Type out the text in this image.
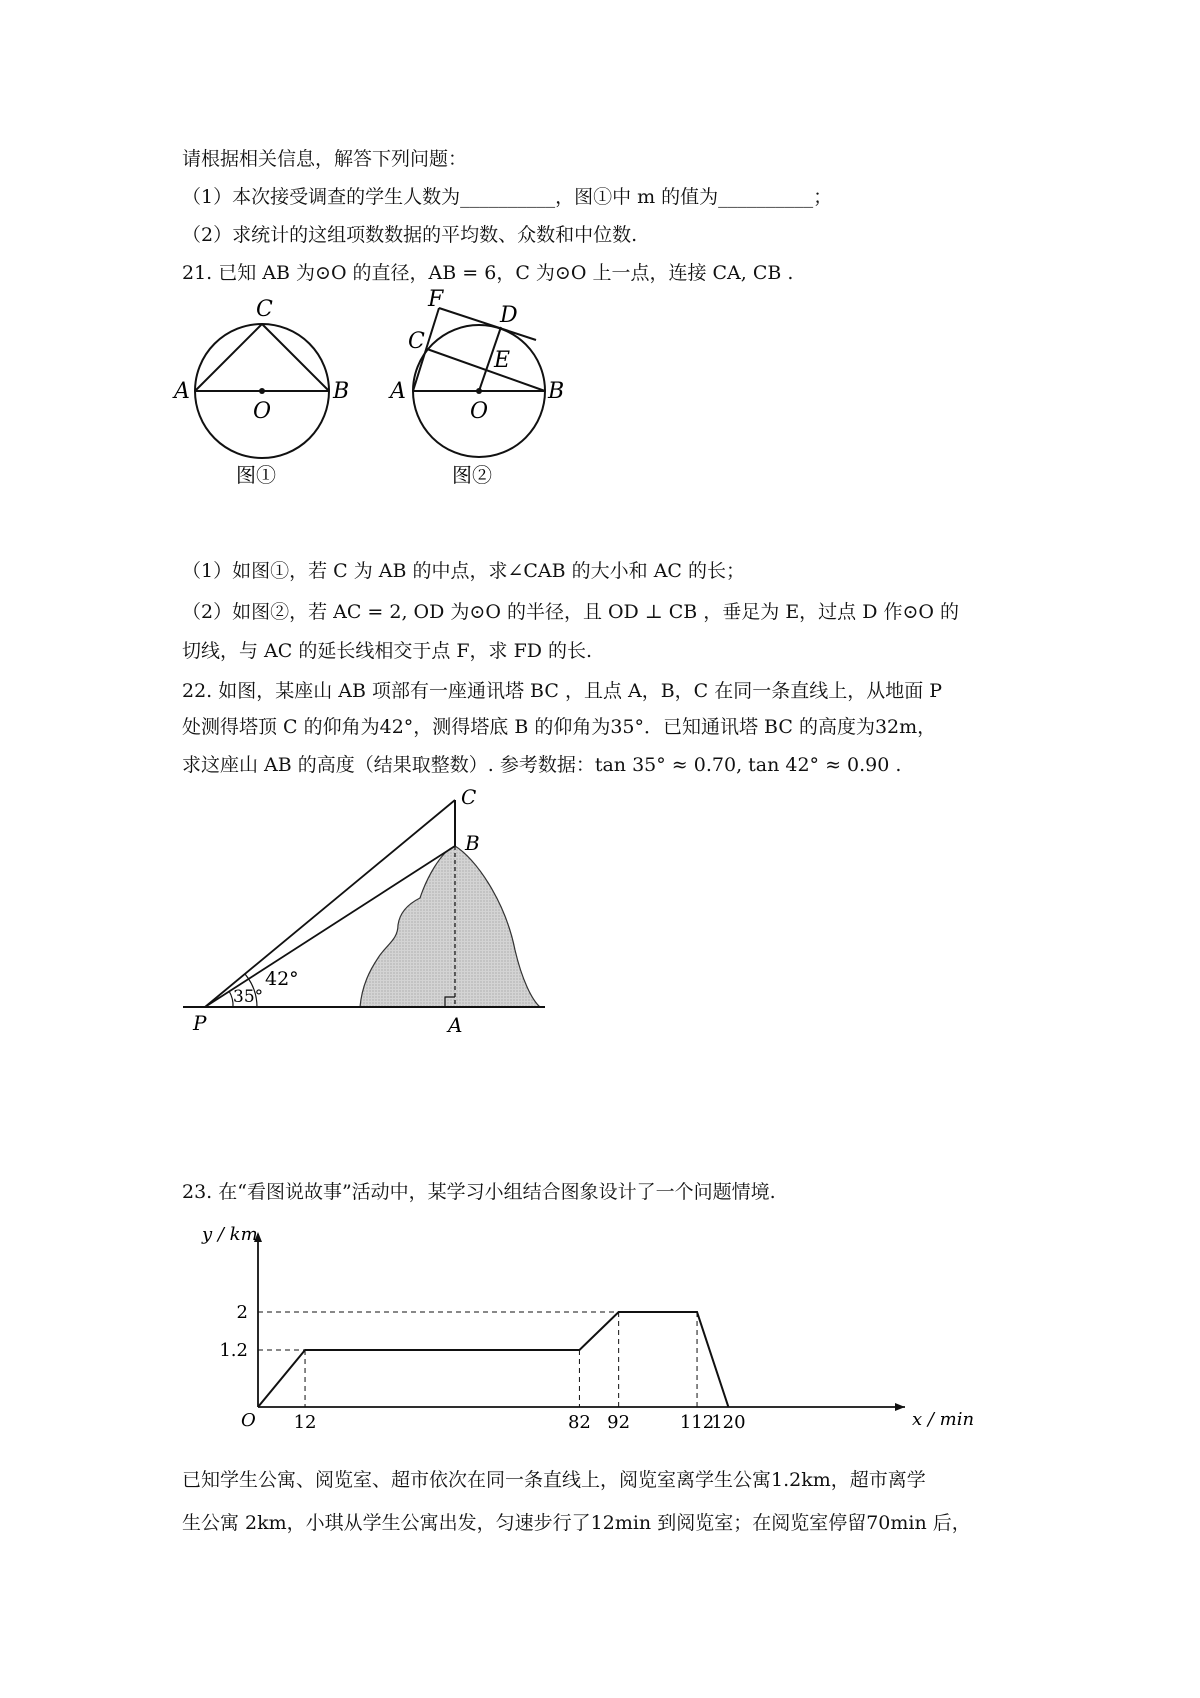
请根据相关信息，解答下列问题：
（1）本次接受调查的学生人数为__________，图①中 m 的值为__________；
（2）求统计的这组项数数据的平均数、众数和中位数.
21. 已知 AB 为⊙O 的直径，AB = 6，C 为⊙O 上一点，连接 CA, CB .
C
A
O
B
图①
F
D
C
E
A
O
B
图②
（1）如图①，若 C 为 AB 的中点，求∠CAB 的大小和 AC 的长；
（2）如图②，若 AC = 2, OD 为⊙O 的半径，且 OD ⊥ CB ，垂足为 E，过点 D 作⊙O 的
切线，与 AC 的延长线相交于点 F，求 FD 的长.
22. 如图，某座山 AB 项部有一座通讯塔 BC ，且点 A，B，C 在同一条直线上，从地面 P
处测得塔顶 C 的仰角为42°，测得塔底 B 的仰角为35°．已知通讯塔 BC 的高度为32m，
求这座山 AB 的高度（结果取整数）. 参考数据：tan 35° ≈ 0.70, tan 42° ≈ 0.90 .
C
B
42°
35°
P	A
23. 在“看图说故事”活动中，某学习小组结合图象设计了一个问题情境.
x / min
y / km
O
1.2
2
12	82 92	112
120
已知学生公寓、阅览室、超市依次在同一条直线上，阅览室离学生公寓1.2km，超市离学
生公寓 2km，小琪从学生公寓出发，匀速步行了12min 到阅览室；在阅览室停留70min 后，
